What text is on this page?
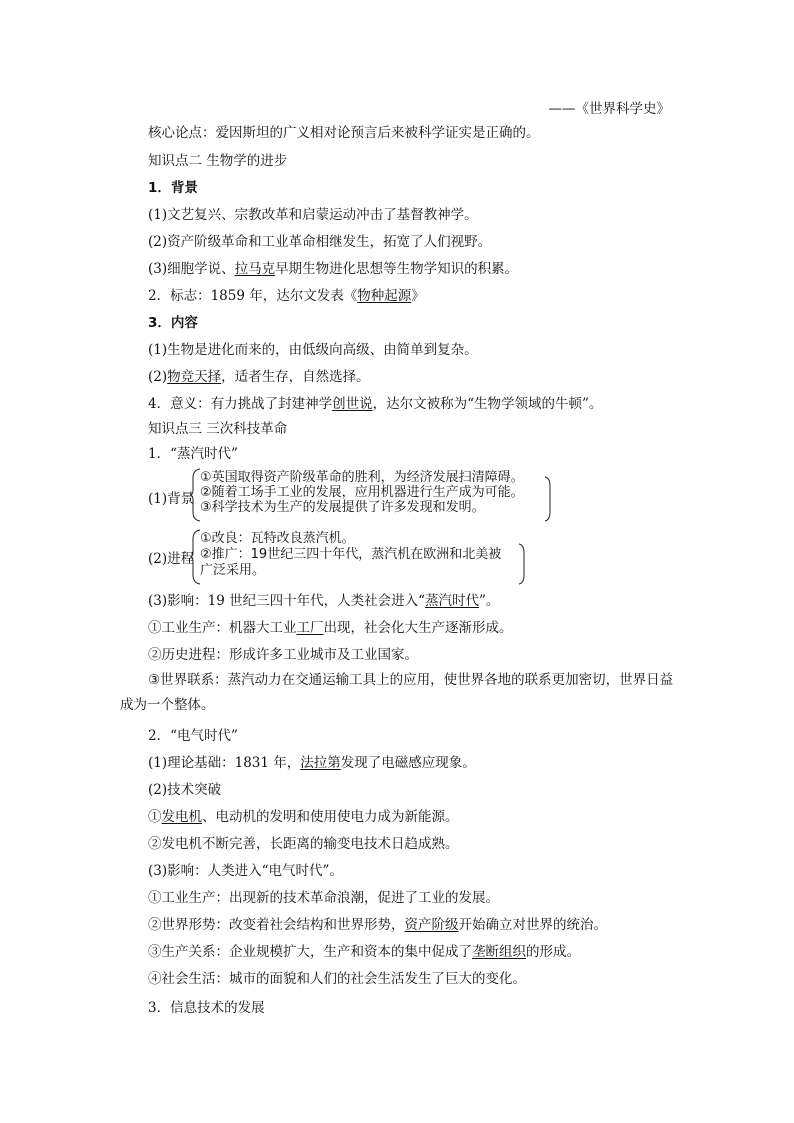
——《世界科学史》
核心论点：爱因斯坦的广义相对论预言后来被科学证实是正确的。
知识点二 生物学的进步
1．背景
(1)文艺复兴、宗教改革和启蒙运动冲击了基督教神学。
(2)资产阶级革命和工业革命相继发生，拓宽了人们视野。
(3)细胞学说、拉马克早期生物进化思想等生物学知识的积累。
2．标志：1859 年，达尔文发表《物种起源》
3．内容
(1)生物是进化而来的，由低级向高级、由简单到复杂。
(2)物竞天择，适者生存，自然选择。
4．意义：有力挑战了封建神学创世说，达尔文被称为“生物学领域的牛顿”。
知识点三 三次科技革命
1．“蒸汽时代”
(1)背景
①英国取得资产阶级革命的胜利，为经济发展扫清障碍。
②随着工场手工业的发展，应用机器进行生产成为可能。
③科学技术为生产的发展提供了许多发现和发明。
(2)进程
①改良：瓦特改良蒸汽机。
②推广：19世纪三四十年代，蒸汽机在欧洲和北美被
广泛采用。
(3)影响：19 世纪三四十年代，人类社会进入“蒸汽时代”。
①工业生产：机器大工业工厂出现，社会化大生产逐渐形成。
②历史进程：形成许多工业城市及工业国家。
③世界联系：蒸汽动力在交通运输工具上的应用，使世界各地的联系更加密切，世界日益成为一个整体。
2．“电气时代”
(1)理论基础：1831 年，法拉第发现了电磁感应现象。
(2)技术突破
①发电机、电动机的发明和使用使电力成为新能源。
②发电机不断完善，长距离的输变电技术日趋成熟。
(3)影响：人类进入“电气时代”。
①工业生产：出现新的技术革命浪潮，促进了工业的发展。
②世界形势：改变着社会结构和世界形势，资产阶级开始确立对世界的统治。
③生产关系：企业规模扩大，生产和资本的集中促成了垄断组织的形成。
④社会生活：城市的面貌和人们的社会生活发生了巨大的变化。
3．信息技术的发展
